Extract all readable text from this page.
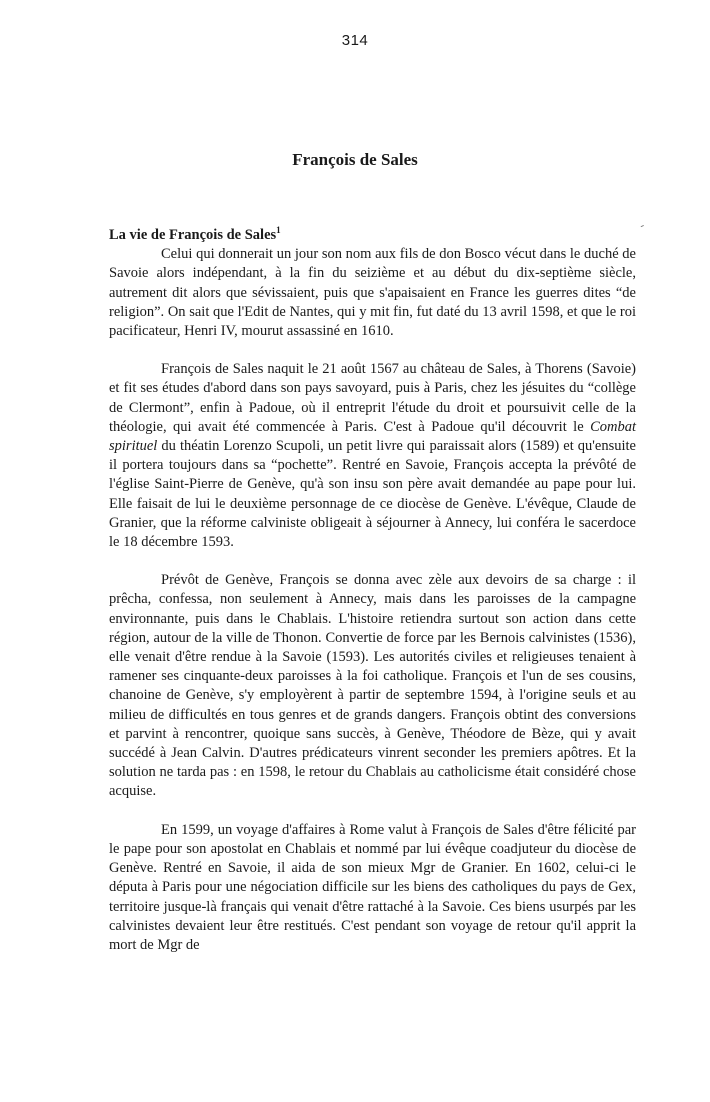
314
François de Sales
-

La vie de François de Sales$^1$

Celui qui donnerait un jour son nom aux fils de don Bosco vécut dans le duché de Savoie alors indépendant, à la fin du seizième et au début du dix-septième siècle, autrement dit alors que sévissaient, puis que s'apaisaient en France les guerres dites “de religion”. On sait que l'Edit de Nantes, qui y mit fin, fut daté du 13 avril 1598, et que le roi pacificateur, Henri IV, mourut assassiné en 1610.

François de Sales naquit le 21 août 1567 au château de Sales, à Thorens (Savoie) et fit ses études d'abord dans son pays savoyard, puis à Paris, chez les jésuites du “collège de Clermont”, enfin à Padoue, où il entreprit l'étude du droit et poursuivit celle de la théologie, qui avait été commencée à Paris. C'est à Padoue qu'il découvrit le Combat spirituel du théatin Lorenzo Scupoli, un petit livre qui paraissait alors (1589) et qu'ensuite il portera toujours dans sa “pochette”. Rentré en Savoie, François accepta la prévôté de l'église Saint-Pierre de Genève, qu'à son insu son père avait demandée au pape pour lui. Elle faisait de lui le deuxième personnage de ce diocèse de Genève. L'évêque, Claude de Granier, que la réforme calviniste obligeait à séjourner à Annecy, lui conféra le sacerdoce le 18 décembre 1593.

Prévôt de Genève, François se donna avec zèle aux devoirs de sa charge : il prêcha, confessa, non seulement à Annecy, mais dans les paroisses de la campagne environnante, puis dans le Chablais. L'histoire retiendra surtout son action dans cette région, autour de la ville de Thonon. Convertie de force par les Bernois calvinistes (1536), elle venait d'être rendue à la Savoie (1593). Les autorités civiles et religieuses tenaient à ramener ses cinquante-deux paroisses à la foi catholique. François et l'un de ses cousins, chanoine de Genève, s'y employèrent à partir de septembre 1594, à l'origine seuls et au milieu de difficultés en tous genres et de grands dangers. François obtint des conversions et parvint à rencontrer, quoique sans succès, à Genève, Théodore de Bèze, qui y avait succédé à Jean Calvin. D'autres prédicateurs vinrent seconder les premiers apôtres. Et la solution ne tarda pas : en 1598, le retour du Chablais au catholicisme était considéré chose acquise.

En 1599, un voyage d'affaires à Rome valut à François de Sales d'être félicité par le pape pour son apostolat en Chablais et nommé par lui évêque coadjuteur du diocèse de Genève. Rentré en Savoie, il aida de son mieux Mgr de Granier. En 1602, celui-ci le députa à Paris pour une négociation difficile sur les biens des catholiques du pays de Gex, territoire jusque-là français qui venait d'être rattaché à la Savoie. Ces biens usurpés par les calvinistes devaient leur être restitués. C'est pendant son voyage de retour qu'il apprit la mort de Mgr de
